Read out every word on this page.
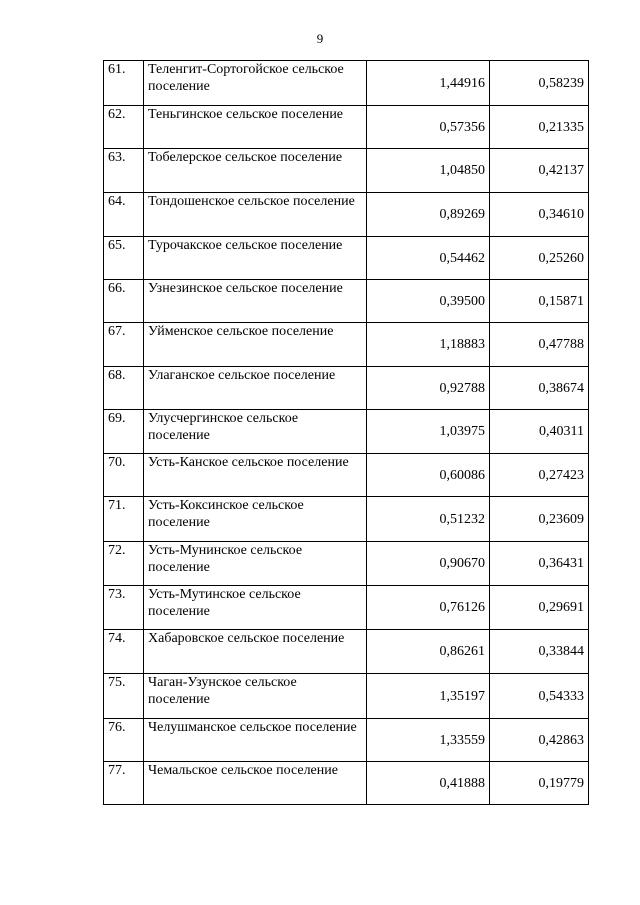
9
61.	Теленгит-Сортогойское сельское поселение	1,44916	0,58239
62.	Теньгинское сельское поселение	0,57356	0,21335
63.	Тобелерское сельское поселение	1,04850	0,42137
64.	Тондошенское сельское поселение	0,89269	0,34610
65.	Турочакское сельское поселение	0,54462	0,25260
66.	Узнезинское сельское поселение	0,39500	0,15871
67.	Уйменское сельское поселение	1,18883	0,47788
68.	Улаганское сельское поселение	0,92788	0,38674
69.	Улусчергинское сельское поселение	1,03975	0,40311
70.	Усть-Канское сельское поселение	0,60086	0,27423
71.	Усть-Коксинское сельское поселение	0,51232	0,23609
72.	Усть-Мунинское сельское поселение	0,90670	0,36431
73.	Усть-Мутинское сельское поселение	0,76126	0,29691
74.	Хабаровское сельское поселение	0,86261	0,33844
75.	Чаган-Узунское сельское поселение	1,35197	0,54333
76.	Челушманское сельское поселение	1,33559	0,42863
77.	Чемальское сельское поселение	0,41888	0,19779
